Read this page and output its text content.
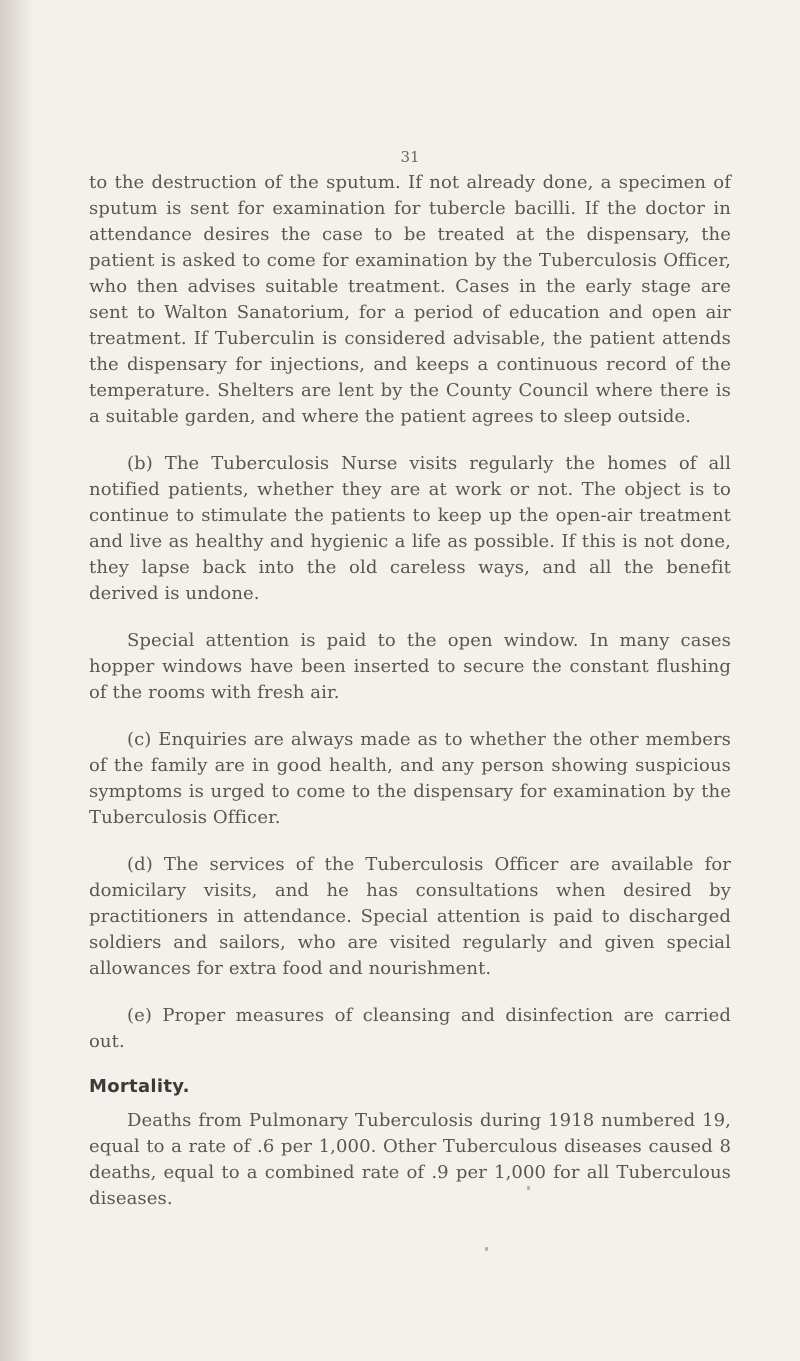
31

to the destruction of the sputum. If not already done, a specimen of sputum is sent for examination for tubercle bacilli. If the doctor in attendance desires the case to be treated at the dispensary, the patient is asked to come for examination by the Tuberculosis Officer, who then advises suitable treatment. Cases in the early stage are sent to Walton Sanatorium, for a period of education and open air treatment. If Tuberculin is considered advisable, the patient attends the dispensary for injections, and keeps a continuous record of the temperature. Shelters are lent by the County Council where there is a suitable garden, and where the patient agrees to sleep outside.

(b) The Tuberculosis Nurse visits regularly the homes of all notified patients, whether they are at work or not. The object is to continue to stimulate the patients to keep up the open-air treatment and live as healthy and hygienic a life as possible. If this is not done, they lapse back into the old careless ways, and all the benefit derived is undone.

Special attention is paid to the open window. In many cases hopper windows have been inserted to secure the constant flushing of the rooms with fresh air.

(c) Enquiries are always made as to whether the other members of the family are in good health, and any person showing suspicious symptoms is urged to come to the dispensary for examination by the Tuberculosis Officer.

(d) The services of the Tuberculosis Officer are available for domicilary visits, and he has consultations when desired by practitioners in attendance. Special attention is paid to discharged soldiers and sailors, who are visited regularly and given special allowances for extra food and nourishment.

(e) Proper measures of cleansing and disinfection are carried out.

Mortality.

Deaths from Pulmonary Tuberculosis during 1918 numbered 19, equal to a rate of .6 per 1,000. Other Tuberculous diseases caused 8 deaths, equal to a combined rate of .9 per 1,000 for all Tuberculous diseases.
